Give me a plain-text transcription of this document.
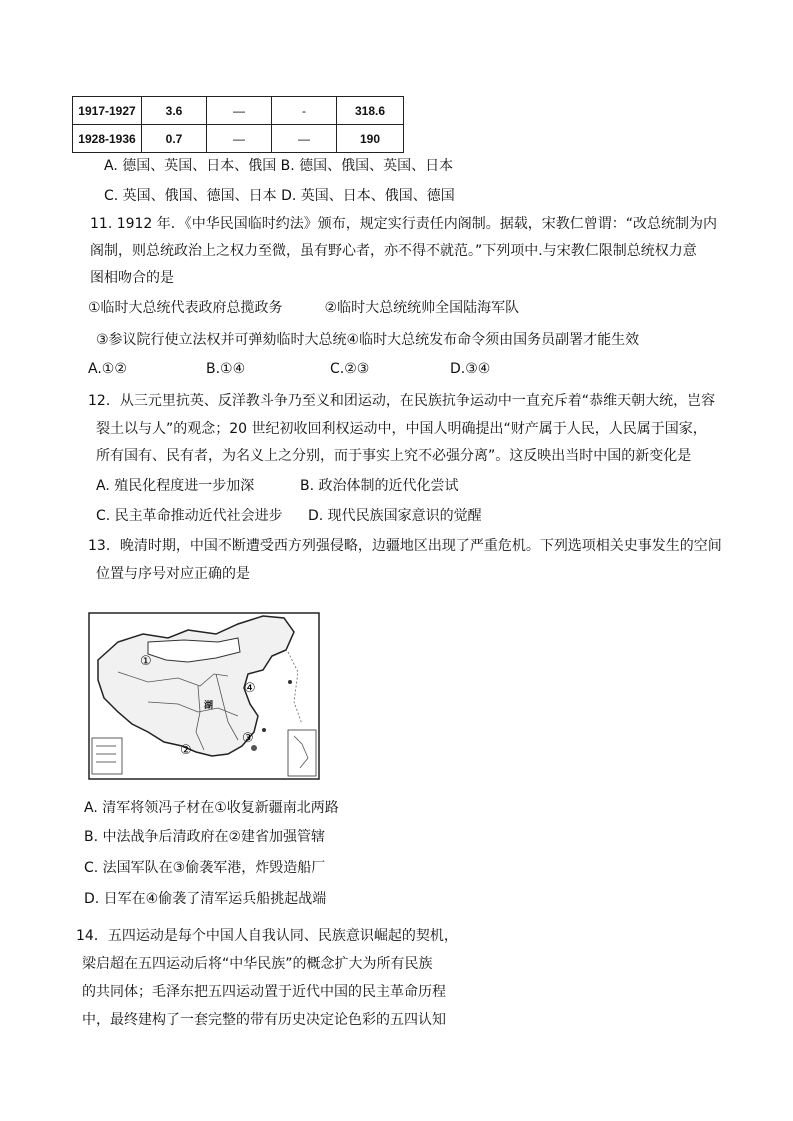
1917-1927	3.6	—	-	318.6
1928-1936	0.7	—	—	190
A. 德国、英国、日本、俄国 B. 德国、俄国、英国、日本
C. 英国、俄国、德国、日本 D. 英国、日本、俄国、德国
11. 1912 年．《中华民国临时约法》颁布，规定实行责任内阁制。据载，宋教仁曾谓：“改总统制为内
阁制，则总统政治上之权力至微，虽有野心者，亦不得不就范。”下列项中.与宋教仁限制总统权力意
图相吻合的是
①临时大总统代表政府总揽政务　　　②临时大总统统帅全国陆海军队
③参议院行使立法权并可弹劾临时大总统④临时大总统发布命令须由国务员副署才能生效
A.①②	B.①④	C.②③	D.③④
12．从三元里抗英、反洋教斗争乃至义和团运动，在民族抗争运动中一直充斥着“恭维天朝大统，岂容
裂土以与人”的观念；20 世纪初收回利权运动中，中国人明确提出“财产属于人民，人民属于国家，
所有国有、民有者，为名义上之分别，而于事实上究不必强分离”。这反映出当时中国的新变化是
A. 殖民化程度进一步加深	B. 政治体制的近代化尝试
C. 民主革命推动近代社会进步 D. 现代民族国家意识的觉醒
13．晚清时期，中国不断遭受西方列强侵略，边疆地区出现了严重危机。下列选项相关史事发生的空间
位置与序号对应正确的是
①
②
③
④
湖
A. 清军将领冯子材在①收复新疆南北两路
B. 中法战争后清政府在②建省加强管辖
C. 法国军队在③偷袭军港，炸毁造船厂
D. 日军在④偷袭了清军运兵船挑起战端
14．五四运动是每个中国人自我认同、民族意识崛起的契机，
梁启超在五四运动后将“中华民族”的概念扩大为所有民族
的共同体；毛泽东把五四运动置于近代中国的民主革命历程
中，最终建构了一套完整的带有历史决定论色彩的五四认知
